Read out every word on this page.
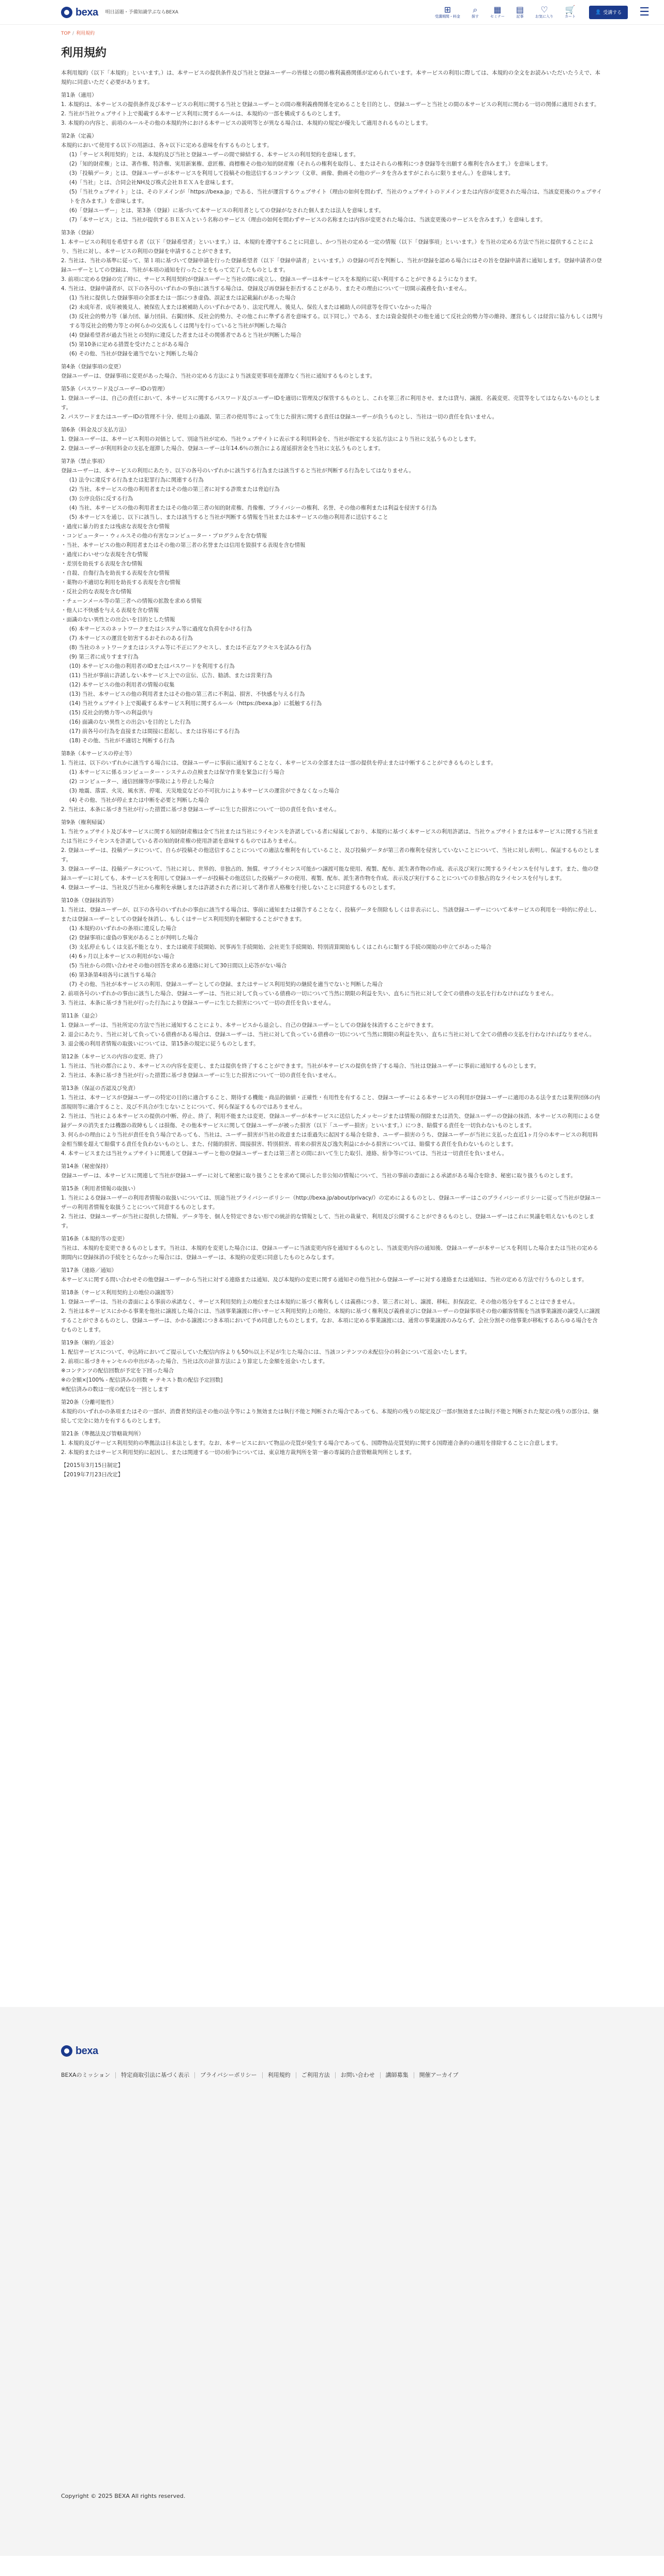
bexa 明日話題・予備知識学ぶならBEXA	⊞
受講期間・料金
⌕
探す
▦
セミナー
▤
記事
♡
お気に入り
🛒
カート
👤 受講する ☰
TOP / 利用規約
利用規約

本利用規約（以下「本規約」といいます。）は、本サービスの提供条件及び当社と登録ユーザーの皆様との間の権利義務関係が定められています。本サービスの利用に際しては、本規約の全文をお読みいただいたうえで、本規約に同意いただく必要があります。

第1条（適用）

1. 本規約は、本サービスの提供条件及び本サービスの利用に関する当社と登録ユーザーとの間の権利義務関係を定めることを目的とし、登録ユーザーと当社との間の本サービスの利用に関わる一切の関係に適用されます。

2. 当社が当社ウェブサイト上で掲載する本サービス利用に関するルールは、本規約の一部を構成するものとします。

3. 本規約の内容と、前項のルールその他の本規約外における本サービスの説明等とが異なる場合は、本規約の規定が優先して適用されるものとします。

第2条（定義）

本規約において使用する以下の用語は、各々以下に定める意味を有するものとします。

(1)「サービス利用契約」とは、本規約及び当社と登録ユーザーの間で締結する、本サービスの利用契約を意味します。

(2)「知的財産権」とは、著作権、特許権、実用新案権、意匠権、商標権その他の知的財産権（それらの権利を取得し、またはそれらの権利につき登録等を出願する権利を含みます。）を意味します。

(3)「投稿データ」とは、登録ユーザーが本サービスを利用して投稿その他送信するコンテンツ（文章、画像、動画その他のデータを含みますがこれらに限りません。）を意味します。

(4)「当社」とは、合同会社NH及び株式会社ＢＥＸＡを意味します。

(5)「当社ウェブサイト」とは、そのドメインが「https://bexa.jp」である、当社が運営するウェブサイト（理由の如何を問わず、当社のウェブサイトのドメインまたは内容が変更された場合は、当該変更後のウェブサイトを含みます。）を意味します。

(6)「登録ユーザー」とは、第3条（登録）に基づいて本サービスの利用者としての登録がなされた個人または法人を意味します。

(7)「本サービス」とは、当社が提供するＢＥＸＡという名称のサービス（理由の如何を問わずサービスの名称または内容が変更された場合は、当該変更後のサービスを含みます。）を意味します。

第3条（登録）

1. 本サービスの利用を希望する者（以下「登録希望者」といいます。）は、本規約を遵守することに同意し、かつ当社の定める一定の情報（以下「登録事項」といいます。）を当社の定める方法で当社に提供することにより、当社に対し、本サービスの利用の登録を申請することができます。

2. 当社は、当社の基準に従って、第１項に基づいて登録申請を行った登録希望者（以下「登録申請者」といいます。）の登録の可否を判断し、当社が登録を認める場合にはその旨を登録申請者に通知します。登録申請者の登録ユーザーとしての登録は、当社が本項の通知を行ったことをもって完了したものとします。

3. 前項に定める登録の完了時に、サービス利用契約が登録ユーザーと当社の間に成立し、登録ユーザーは本サービスを本規約に従い利用することができるようになります。

4. 当社は、登録申請者が、以下の各号のいずれかの事由に該当する場合は、登録及び再登録を拒否することがあり、またその理由について一切開示義務を負いません。

(1) 当社に提供した登録事項の全部または一部につき虚偽、誤記または記載漏れがあった場合

(2) 未成年者、成年被後見人、被保佐人または被補助人のいずれかであり、法定代理人、後見人、保佐人または補助人の同意等を得ていなかった場合

(3) 反社会的勢力等（暴力団、暴力団員、右翼団体、反社会的勢力、その他これに準ずる者を意味する。以下同じ。）である、または資金提供その他を通じて反社会的勢力等の維持、運営もしくは経営に協力もしくは関与する等反社会的勢力等との何らかの交流もしくは関与を行っていると当社が判断した場合

(4) 登録希望者が過去当社との契約に違反した者またはその関係者であると当社が判断した場合

(5) 第10条に定める措置を受けたことがある場合

(6) その他、当社が登録を適当でないと判断した場合

第4条（登録事項の変更）

登録ユーザーは、登録事項に変更があった場合、当社の定める方法により当該変更事項を遅滞なく当社に通知するものとします。

第5条（パスワード及びユーザーIDの管理）

1. 登録ユーザーは、自己の責任において、本サービスに関するパスワード及びユーザーIDを適切に管理及び保管するものとし、これを第三者に利用させ、または貸与、譲渡、名義変更、売買等をしてはならないものとします。

2. パスワードまたはユーザーIDの管理不十分、使用上の過誤、第三者の使用等によって生じた損害に関する責任は登録ユーザーが負うものとし、当社は一切の責任を負いません。

第6条（料金及び支払方法）

1. 登録ユーザーは、本サービス利用の対価として、別途当社が定め、当社ウェブサイトに表示する利用料金を、当社が指定する支払方法により当社に支払うものとします。

2. 登録ユーザーが利用料金の支払を遅滞した場合、登録ユーザーは年14.6％の割合による遅延損害金を当社に支払うものとします。

第7条（禁止事項）

登録ユーザーは、本サービスの利用にあたり、以下の各号のいずれかに該当する行為または該当すると当社が判断する行為をしてはなりません。

(1) 法令に違反する行為または犯罪行為に関連する行為

(2) 当社、本サービスの他の利用者またはその他の第三者に対する詐欺または脅迫行為

(3) 公序良俗に反する行為

(4) 当社、本サービスの他の利用者またはその他の第三者の知的財産権、肖像権、プライバシーの権利、名誉、その他の権利または利益を侵害する行為

(5) 本サービスを通じ、以下に該当し、または該当すると当社が判断する情報を当社または本サービスの他の利用者に送信すること

・過度に暴力的または残虐な表現を含む情報

・コンピューター・ウィルスその他の有害なコンピューター・プログラムを含む情報

・当社、本サービスの他の利用者またはその他の第三者の名誉または信用を毀損する表現を含む情報

・過度にわいせつな表現を含む情報

・差別を助長する表現を含む情報

・自殺、自傷行為を助長する表現を含む情報

・薬物の不適切な利用を助長する表現を含む情報

・反社会的な表現を含む情報

・チェーンメール等の第三者への情報の拡散を求める情報

・他人に不快感を与える表現を含む情報

・面識のない異性との出会いを目的とした情報

(6) 本サービスのネットワークまたはシステム等に過度な負荷をかける行為

(7) 本サービスの運営を妨害するおそれのある行為

(8) 当社のネットワークまたはシステム等に不正にアクセスし、または不正なアクセスを試みる行為

(9) 第三者に成りすます行為

(10) 本サービスの他の利用者のIDまたはパスワードを利用する行為

(11) 当社が事前に許諾しない本サービス上での宣伝、広告、勧誘、または営業行為

(12) 本サービスの他の利用者の情報の収集

(13) 当社、本サービスの他の利用者またはその他の第三者に不利益、損害、不快感を与える行為

(14) 当社ウェブサイト上で掲載する本サービス利用に関するルール（https://bexa.jp）に抵触する行為

(15) 反社会的勢力等への利益供与

(16) 面識のない異性との出会いを目的とした行為

(17) 前各号の行為を直接または間接に惹起し、または容易にする行為

(18) その他、当社が不適切と判断する行為

第8条（本サービスの停止等）

1. 当社は、以下のいずれかに該当する場合には、登録ユーザーに事前に通知することなく、本サービスの全部または一部の提供を停止または中断することができるものとします。

(1) 本サービスに係るコンピューター・システムの点検または保守作業を緊急に行う場合

(2) コンピューター、通信回線等が事故により停止した場合

(3) 地震、落雷、火災、風水害、停電、天災地変などの不可抗力により本サービスの運営ができなくなった場合

(4) その他、当社が停止または中断を必要と判断した場合

2. 当社は、本条に基づき当社が行った措置に基づき登録ユーザーに生じた損害について一切の責任を負いません。

第9条（権利帰属）

1. 当社ウェブサイト及び本サービスに関する知的財産権は全て当社または当社にライセンスを許諾している者に帰属しており、本規約に基づく本サービスの利用許諾は、当社ウェブサイトまたは本サービスに関する当社または当社にライセンスを許諾している者の知的財産権の使用許諾を意味するものではありません。

2. 登録ユーザーは、投稿データについて、自らが投稿その他送信することについての適法な権利を有していること、及び投稿データが第三者の権利を侵害していないことについて、当社に対し表明し、保証するものとします。

3. 登録ユーザーは、投稿データについて、当社に対し、世界的、非独占的、無償、サブライセンス可能かつ譲渡可能な使用、複製、配布、派生著作物の作成、表示及び実行に関するライセンスを付与します。また、他の登録ユーザーに対しても、本サービスを利用して登録ユーザーが投稿その他送信した投稿データの使用、複製、配布、派生著作物を作成、表示及び実行することについての非独占的なライセンスを付与します。

4. 登録ユーザーは、当社及び当社から権利を承継しまたは許諾された者に対して著作者人格権を行使しないことに同意するものとします。

第10条（登録抹消等）

1. 当社は、登録ユーザーが、以下の各号のいずれかの事由に該当する場合は、事前に通知または催告することなく、投稿データを削除もしくは非表示にし、当該登録ユーザーについて本サービスの利用を一時的に停止し、または登録ユーザーとしての登録を抹消し、もしくはサービス利用契約を解除することができます。

(1) 本規約のいずれかの条項に違反した場合

(2) 登録事項に虚偽の事実があることが判明した場合

(3) 支払停止もしくは支払不能となり、または破産手続開始、民事再生手続開始、会社更生手続開始、特別清算開始もしくはこれらに類する手続の開始の申立てがあった場合

(4) 6ヶ月以上本サービスの利用がない場合

(5) 当社からの問い合わせその他の回答を求める連絡に対して30日間以上応答がない場合

(6) 第3条第4項各号に該当する場合

(7) その他、当社が本サービスの利用、登録ユーザーとしての登録、またはサービス利用契約の継続を適当でないと判断した場合

2. 前項各号のいずれかの事由に該当した場合、登録ユーザーは、当社に対して負っている債務の一切について当然に期限の利益を失い、直ちに当社に対して全ての債務の支払を行わなければなりません。

3. 当社は、本条に基づき当社が行った行為により登録ユーザーに生じた損害について一切の責任を負いません。

第11条（退会）

1. 登録ユーザーは、当社所定の方法で当社に通知することにより、本サービスから退会し、自己の登録ユーザーとしての登録を抹消することができます。

2. 退会にあたり、当社に対して負っている債務がある場合は、登録ユーザーは、当社に対して負っている債務の一切について当然に期限の利益を失い、直ちに当社に対して全ての債務の支払を行わなければなりません。

3. 退会後の利用者情報の取扱いについては、第15条の規定に従うものとします。

第12条（本サービスの内容の変更、終了）

1. 当社は、当社の都合により、本サービスの内容を変更し、または提供を終了することができます。当社が本サービスの提供を終了する場合、当社は登録ユーザーに事前に通知するものとします。

2. 当社は、本条に基づき当社が行った措置に基づき登録ユーザーに生じた損害について一切の責任を負いません。

第13条（保証の否認及び免責）

1. 当社は、本サービスが登録ユーザーの特定の目的に適合すること、期待する機能・商品的価値・正確性・有用性を有すること、登録ユーザーによる本サービスの利用が登録ユーザーに適用のある法令または業界団体の内部規則等に適合すること、及び不具合が生じないことについて、何ら保証するものではありません。

2. 当社は、当社による本サービスの提供の中断、停止、終了、利用不能または変更、登録ユーザーが本サービスに送信したメッセージまたは情報の削除または消失、登録ユーザーの登録の抹消、本サービスの利用による登録データの消失または機器の故障もしくは損傷、その他本サービスに関して登録ユーザーが被った損害（以下「ユーザー損害」といいます。）につき、賠償する責任を一切負わないものとします。

3. 何らかの理由により当社が責任を負う場合であっても、当社は、ユーザー損害が当社の故意または重過失に起因する場合を除き、ユーザー損害のうち、登録ユーザーが当社に支払った直近1ヶ月分の本サービスの利用料金相当額を超えて賠償する責任を負わないものとし、また、付随的損害、間接損害、特別損害、将来の損害及び逸失利益にかかる損害については、賠償する責任を負わないものとします。

4. 本サービスまたは当社ウェブサイトに関連して登録ユーザーと他の登録ユーザーまたは第三者との間において生じた取引、連絡、紛争等については、当社は一切責任を負いません。

第14条（秘密保持）

登録ユーザーは、本サービスに関連して当社が登録ユーザーに対して秘密に取り扱うことを求めて開示した非公知の情報について、当社の事前の書面による承諾がある場合を除き、秘密に取り扱うものとします。

第15条（利用者情報の取扱い）

1. 当社による登録ユーザーの利用者情報の取扱いについては、別途当社プライバシーポリシー（http://bexa.jp/about/privacy/）の定めによるものとし、登録ユーザーはこのプライバシーポリシーに従って当社が登録ユーザーの利用者情報を取扱うことについて同意するものとします。

2. 当社は、登録ユーザーが当社に提供した情報、データ等を、個人を特定できない形での統計的な情報として、当社の裁量で、利用及び公開することができるものとし、登録ユーザーはこれに異議を唱えないものとします。

第16条（本規約等の変更）

当社は、本規約を変更できるものとします。当社は、本規約を変更した場合には、登録ユーザーに当該変更内容を通知するものとし、当該変更内容の通知後、登録ユーザーが本サービスを利用した場合または当社の定める期間内に登録抹消の手続をとらなかった場合には、登録ユーザーは、本規約の変更に同意したものとみなします。

第17条（連絡／通知）

本サービスに関する問い合わせその他登録ユーザーから当社に対する連絡または通知、及び本規約の変更に関する通知その他当社から登録ユーザーに対する連絡または通知は、当社の定める方法で行うものとします。

第18条（サービス利用契約上の地位の譲渡等）

1. 登録ユーザーは、当社の書面による事前の承諾なく、サービス利用契約上の地位または本規約に基づく権利もしくは義務につき、第三者に対し、譲渡、移転、担保設定、その他の処分をすることはできません。

2. 当社は本サービスにかかる事業を他社に譲渡した場合には、当該事業譲渡に伴いサービス利用契約上の地位、本規約に基づく権利及び義務並びに登録ユーザーの登録事項その他の顧客情報を当該事業譲渡の譲受人に譲渡することができるものとし、登録ユーザーは、かかる譲渡につき本項において予め同意したものとします。なお、本項に定める事業譲渡には、通常の事業譲渡のみならず、会社分割その他事業が移転するあらゆる場合を含むものとします。

第19条（解約／返金）

1. 配信サービスについて、申込時においてご提示していた配信内容よりも50％以上不足が生じた場合には、当該コンテンツの未配信分の料金について返金いたします。

2. 前項に基づきキャンセルの申出があった場合、当社は次の計算方法により算定した金額を返金いたします。

※コンテンツの配信回数が予定を下回った場合

※の全額×[100% - 配信済みの回数 ÷ テキスト数の配信予定回数]

※配信済みの数は一度の配信を一回とします

第20条（分離可能性）

本規約のいずれかの条項またはその一部が、消費者契約法その他の法令等により無効または執行不能と判断された場合であっても、本規約の残りの規定及び一部が無効または執行不能と判断された規定の残りの部分は、継続して完全に効力を有するものとします。

第21条（準拠法及び管轄裁判所）

1. 本規約及びサービス利用契約の準拠法は日本法とします。なお、本サービスにおいて物品の売買が発生する場合であっても、国際物品売買契約に関する国際連合条約の適用を排除することに合意します。

2. 本規約またはサービス利用契約に起因し、または関連する一切の紛争については、東京地方裁判所を第一審の専属的合意管轄裁判所とします。

【2015年3月15日制定】

【2019年7月23日改定】

bexa
BEXAのミッション	特定商取引法に基づく表示	プライバシーポリシー	利用規約	ご利用方法	お問い合わせ	講師募集	開催アーカイブ
Copyright © 2025 BEXA All rights reserved.
